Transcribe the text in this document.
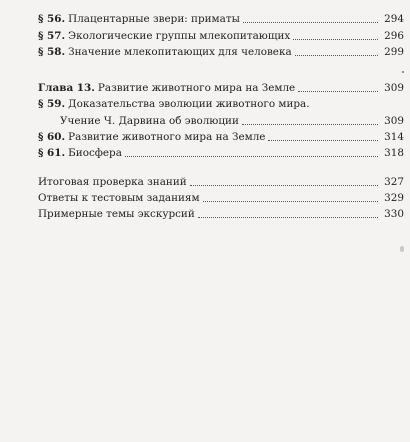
§ 56. Плацентарные звери: приматы	294
§ 57. Экологические группы млекопитающих	296
§ 58. Значение млекопитающих для человека	299
Глава 13. Развитие животного мира на Земле	309
§ 59. Доказательства эволюции животного мира.
Учение Ч. Дарвина об эволюции	309
§ 60. Развитие животного мира на Земле	314
§ 61. Биосфера	318
Итоговая проверка знаний	327
Ответы к тестовым заданиям	329
Примерные темы экскурсий	330
